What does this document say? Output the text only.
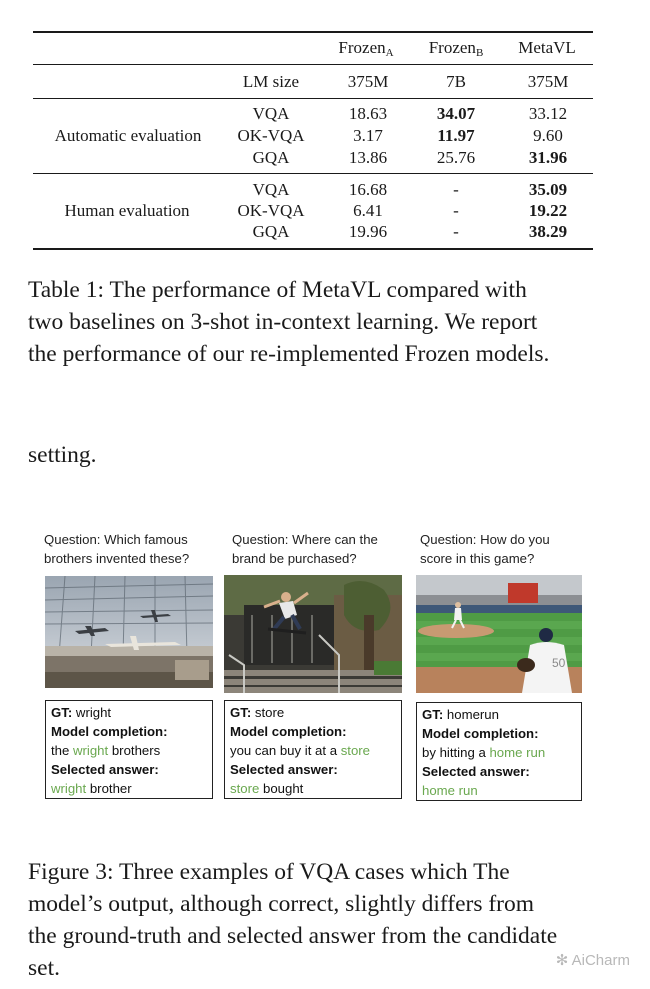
Frozen$_A$ Frozen$_B$ MetaVL
LM size	375M	7B	375M
Automatic evaluation
VQA	18.63	34.07	33.12
OK-VQA	3.17	11.97	9.60
GQA	13.86	25.76	31.96
Human evaluation
VQA	16.68	-	35.09
OK-VQA	6.41	-	19.22
GQA	19.96	-	38.29
Table 1: The performance of MetaVL compared with
two baselines on 3-shot in-context learning. We report
the performance of our re-implemented Frozen models.
setting.
Question: Which famous
brothers invented these?
GT: wright
Model completion:
the wright brothers
Selected answer:
wright brother
Question: Where can the
brand be purchased?
GT: store
Model completion:
you can buy it at a store
Selected answer:
store bought
Question: How do you
score in this game?
50
GT: homerun
Model completion:
by hitting a home run
Selected answer:
home run
Figure 3: Three examples of VQA cases which The
model’s output, although correct, slightly differs from
the ground-truth and selected answer from the candidate
set.	✻ AiCharm
